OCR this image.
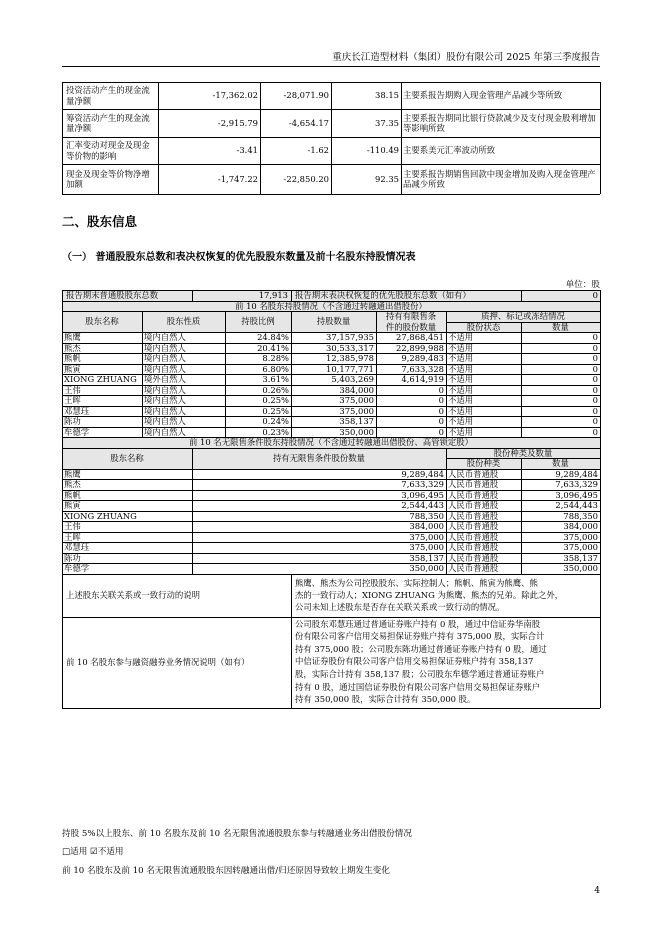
重庆长江造型材料（集团）股份有限公司 2025 年第三季度报告
投资活动产生的现金流量净额
-17,362.02	-28,071.90	38.15 主要系报告期购入现金管理产品减少等所致
筹资活动产生的现金流量净额
-2,915.79	-4,654.17	37.35
主要系报告期同比银行贷款减少及支付现金股利增加等影响所致
汇率变动对现金及现金等价物的影响
-3.41	-1.62	-110.49 主要系美元汇率波动所致
现金及现金等价物净增加额
-1,747.22	-22,850.20	92.35
主要系报告期销售回款中现金增加及购入现金管理产品减少所致
二、股东信息
（一） 普通股股东总数和表决权恢复的优先股股东数量及前十名股东持股情况表
单位：股
报告期末普通股股东总数	17,913 报告期末表决权恢复的优先股股东总数（如有）	0
前 10 名股东持股情况（不含通过转融通出借股份）
股东名称	股东性质	持股比例	持股数量
持有有限售条
件的股份数量
质押、标记或冻结情况
股份状态	数量
熊鹰	境内自然人	24.84%	37,157,935	27,868,451 不适用	0
熊杰	境内自然人	20.41%	30,533,317	22,899,988 不适用	0
熊帆	境内自然人	8.28%	12,385,978	9,289,483 不适用	0
熊寅	境内自然人	6.80%	10,177,771	7,633,328 不适用	0
XIONG ZHUANG 境外自然人	3.61%	5,403,269	4,614,919 不适用	0
王伟	境内自然人	0.26%	384,000	0 不适用	0
王晖	境内自然人	0.25%	375,000	0 不适用	0
邓慧珏	境内自然人	0.25%	375,000	0 不适用	0
陈功	境内自然人	0.24%	358,137	0 不适用	0
牟德学	境内自然人	0.23%	350,000	0 不适用	0
前 10 名无限售条件股东持股情况（不含通过转融通出借股份、高管锁定股）
股东名称	持有无限售条件股份数量
股份种类及数量
股份种类	数量
熊鹰	9,289,484 人民币普通股	9,289,484
熊杰	7,633,329 人民币普通股	7,633,329
熊帆	3,096,495 人民币普通股	3,096,495
熊寅	2,544,443 人民币普通股	2,544,443
XIONG ZHUANG	788,350 人民币普通股	788,350
王伟	384,000 人民币普通股	384,000
王晖	375,000 人民币普通股	375,000
邓慧珏	375,000 人民币普通股	375,000
陈功	358,137 人民币普通股	358,137
牟德学	350,000 人民币普通股	350,000
上述股东关联关系或一致行动的说明
熊鹰、熊杰为公司控股股东、实际控制人；熊帆、熊寅为熊鹰、熊
杰的一致行动人；XIONG ZHUANG 为熊鹰、熊杰的兄弟。除此之外，
公司未知上述股东是否存在关联关系或一致行动的情况。
前 10 名股东参与融资融券业务情况说明（如有）
公司股东邓慧珏通过普通证券账户持有 0 股，通过中信证券华南股
份有限公司客户信用交易担保证券账户持有 375,000 股，实际合计
持有 375,000 股；公司股东陈功通过普通证券账户持有 0 股，通过
中信证券股份有限公司客户信用交易担保证券账户持有 358,137
股，实际合计持有 358,137 股；公司股东牟德学通过普通证券账户
持有 0 股，通过国信证券股份有限公司客户信用交易担保证券账户
持有 350,000 股，实际合计持有 350,000 股。
持股 5%以上股东、前 10 名股东及前 10 名无限售流通股股东参与转融通业务出借股份情况
□适用 ☑不适用
前 10 名股东及前 10 名无限售流通股股东因转融通出借/归还原因导致较上期发生变化
4
